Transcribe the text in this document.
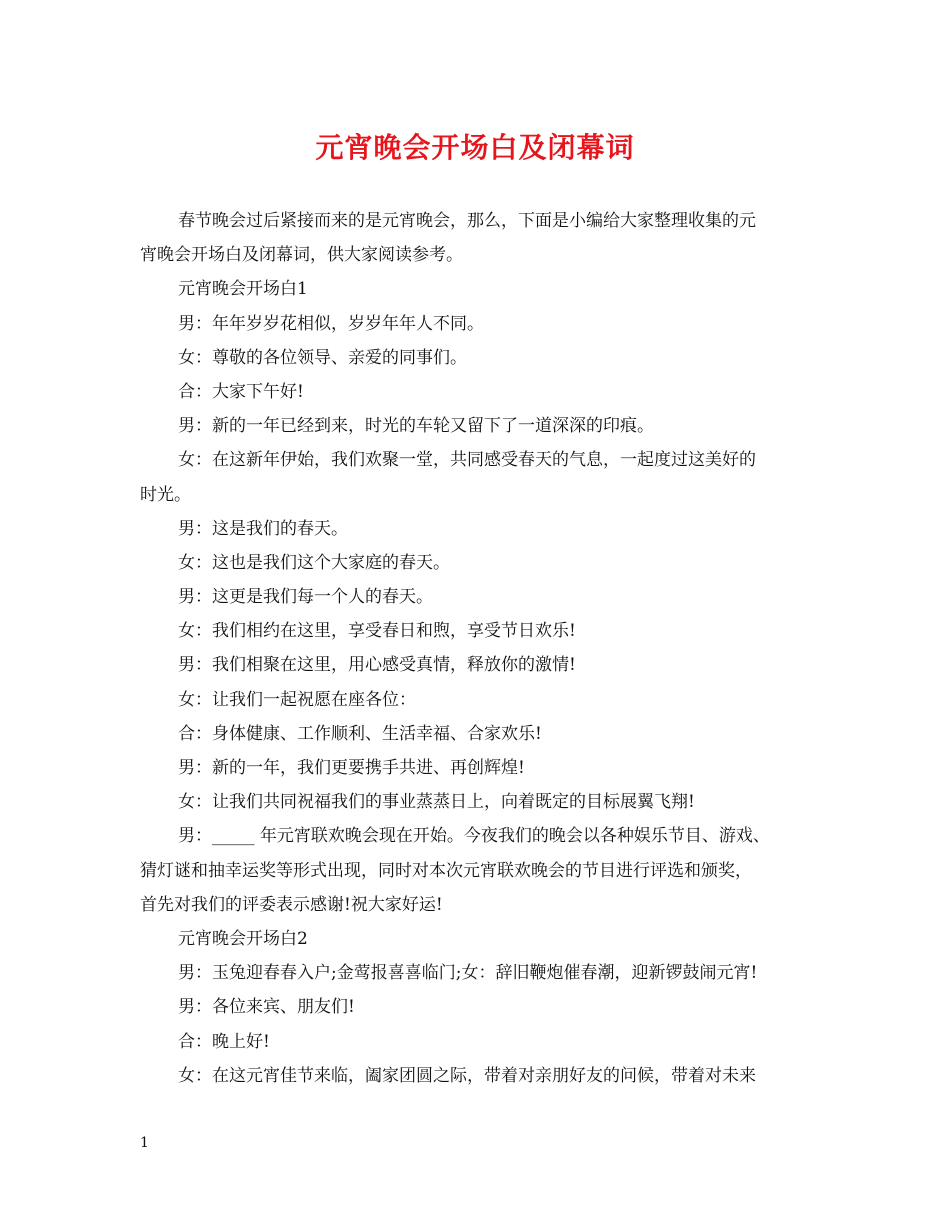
元宵晚会开场白及闭幕词
春节晚会过后紧接而来的是元宵晚会，那么，下面是小编给大家整理收集的元
宵晚会开场白及闭幕词，供大家阅读参考。
元宵晚会开场白1
男：年年岁岁花相似，岁岁年年人不同。
女：尊敬的各位领导、亲爱的同事们。
合：大家下午好!
男：新的一年已经到来，时光的车轮又留下了一道深深的印痕。
女：在这新年伊始，我们欢聚一堂，共同感受春天的气息，一起度过这美好的
时光。
男：这是我们的春天。
女：这也是我们这个大家庭的春天。
男：这更是我们每一个人的春天。
女：我们相约在这里，享受春日和煦，享受节日欢乐!
男：我们相聚在这里，用心感受真情，释放你的激情!
女：让我们一起祝愿在座各位：
合：身体健康、工作顺利、生活幸福、合家欢乐!
男：新的一年，我们更要携手共进、再创辉煌!
女：让我们共同祝福我们的事业蒸蒸日上，向着既定的目标展翼飞翔!
男：_____ 年元宵联欢晚会现在开始。今夜我们的晚会以各种娱乐节目、游戏、
猜灯谜和抽幸运奖等形式出现，同时对本次元宵联欢晚会的节目进行评选和颁奖，
首先对我们的评委表示感谢!祝大家好运!
元宵晚会开场白2
男：玉兔迎春春入户;金莺报喜喜临门;女：辞旧鞭炮催春潮，迎新锣鼓闹元宵!
男：各位来宾、朋友们!
合：晚上好!
女：在这元宵佳节来临，阖家团圆之际，带着对亲朋好友的问候，带着对未来
1
